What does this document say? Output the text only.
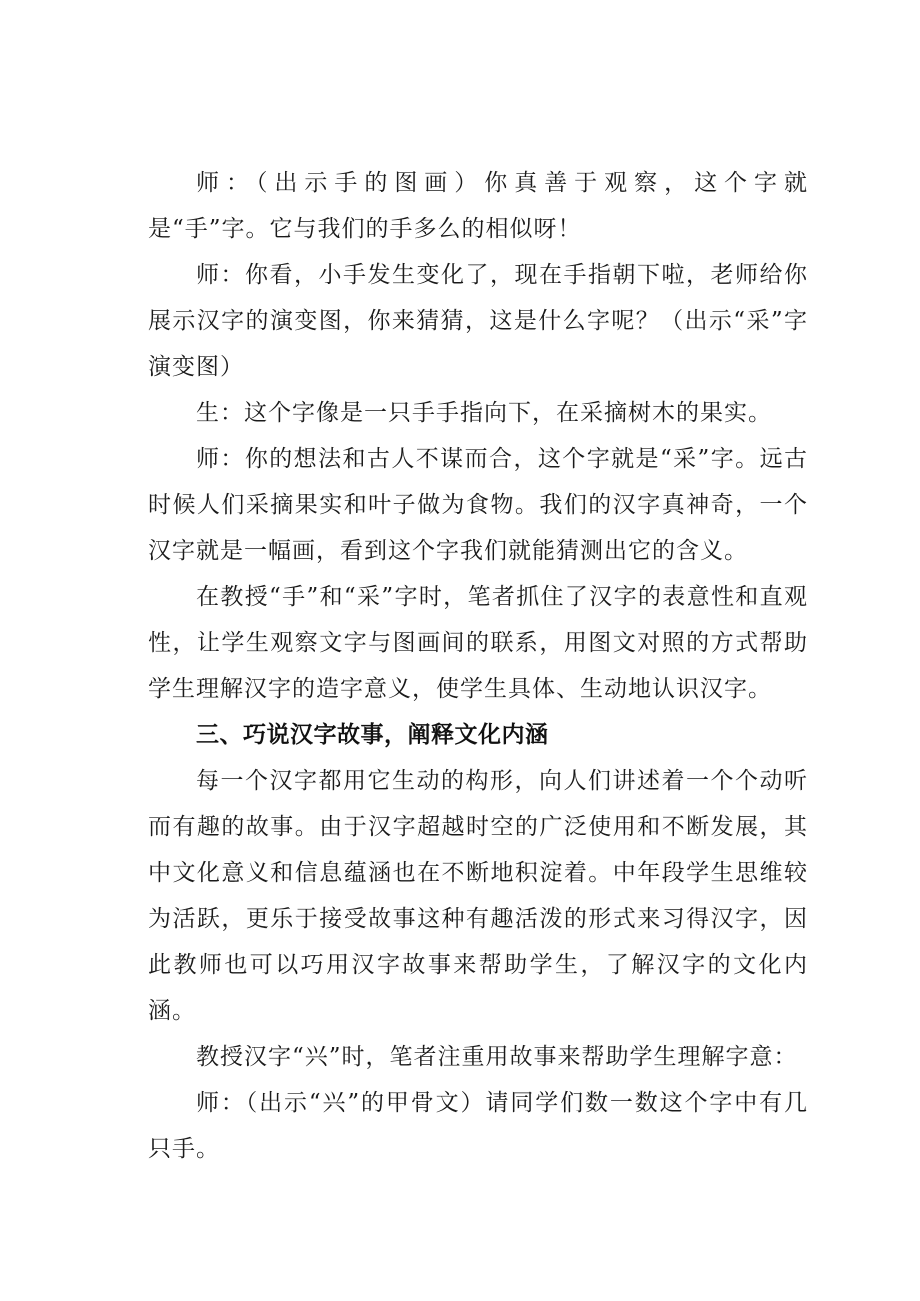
师：（出示手的图画）你真善于观察，这个字就是“手”字。它与我们的手多么的相似呀！

师：你看，小手发生变化了，现在手指朝下啦，老师给你展示汉字的演变图，你来猜猜，这是什么字呢？（出示“采”字演变图）

生：这个字像是一只手手指向下，在采摘树木的果实。

师：你的想法和古人不谋而合，这个字就是“采”字。远古时候人们采摘果实和叶子做为食物。我们的汉字真神奇，一个汉字就是一幅画，看到这个字我们就能猜测出它的含义。

在教授“手”和“采”字时，笔者抓住了汉字的表意性和直观性，让学生观察文字与图画间的联系，用图文对照的方式帮助学生理解汉字的造字意义，使学生具体、生动地认识汉字。

三、巧说汉字故事，阐释文化内涵

每一个汉字都用它生动的构形，向人们讲述着一个个动听而有趣的故事。由于汉字超越时空的广泛使用和不断发展，其中文化意义和信息蕴涵也在不断地积淀着。中年段学生思维较为活跃，更乐于接受故事这种有趣活泼的形式来习得汉字，因此教师也可以巧用汉字故事来帮助学生，了解汉字的文化内涵。

教授汉字“兴”时，笔者注重用故事来帮助学生理解字意：

师：（出示“兴”的甲骨文）请同学们数一数这个字中有几只手。
